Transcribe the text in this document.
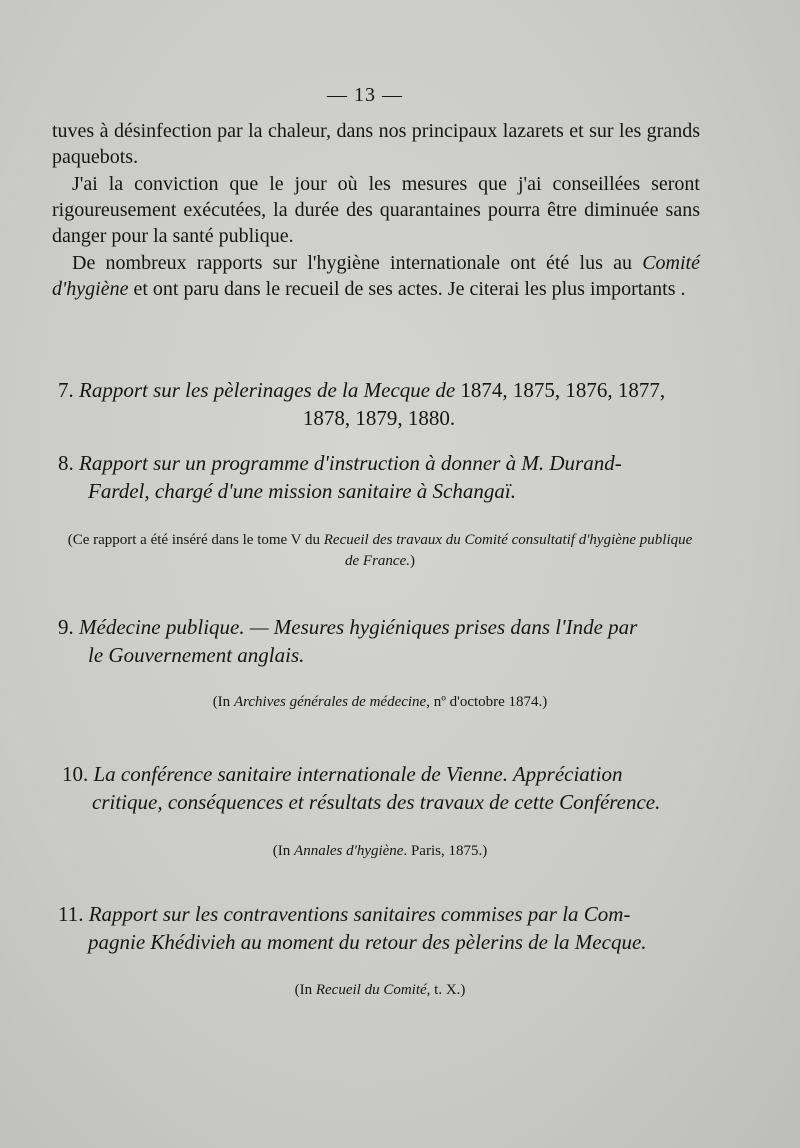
— 13 —
tuves à désinfection par la chaleur, dans nos principaux lazarets et sur les grands paquebots.
J'ai la conviction que le jour où les mesures que j'ai conseillées seront rigoureusement exécutées, la durée des quarantaines pourra être diminuée sans danger pour la santé publique.
De nombreux rapports sur l'hygiène internationale ont été lus au Comité d'hygiène et ont paru dans le recueil de ses actes. Je citerai les plus importants .
7. Rapport sur les pèlerinages de la Mecque de 1874, 1875, 1876, 1877,
1878, 1879, 1880.
8. Rapport sur un programme d'instruction à donner à M. Durand-
Fardel, chargé d'une mission sanitaire à Schangaï.
(Ce rapport a été inséré dans le tome V du Recueil des travaux du Comité consultatif d'hygiène publique de France.)
9. Médecine publique. — Mesures hygiéniques prises dans l'Inde par
le Gouvernement anglais.
(In Archives générales de médecine, nº d'octobre 1874.)
10. La conférence sanitaire internationale de Vienne. Appréciation
critique, conséquences et résultats des travaux de cette Conférence.
(In Annales d'hygiène. Paris, 1875.)
11. Rapport sur les contraventions sanitaires commises par la Com-
pagnie Khédivieh au moment du retour des pèlerins de la Mecque.
(In Recueil du Comité, t. X.)
